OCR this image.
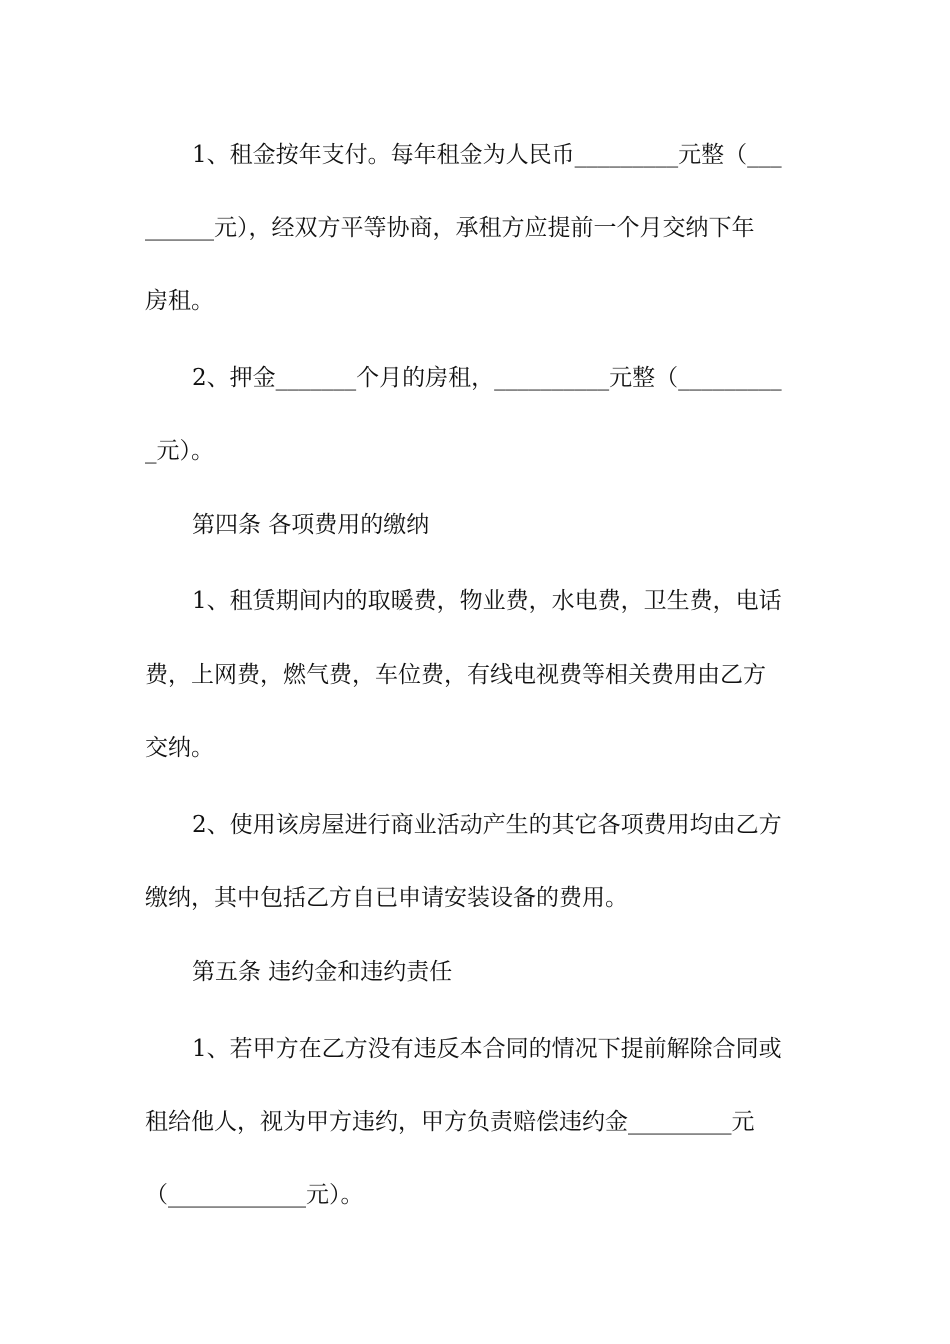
1、租金按年支付。每年租金为人民币_________元整（___
______元），经双方平等协商，承租方应提前一个月交纳下年
房租。
2、押金_______个月的房租，__________元整（_________
_元）。
第四条 各项费用的缴纳
1、租赁期间内的取暖费，物业费，水电费，卫生费，电话
费，上网费，燃气费，车位费，有线电视费等相关费用由乙方
交纳。
2、使用该房屋进行商业活动产生的其它各项费用均由乙方
缴纳，其中包括乙方自已申请安装设备的费用。
第五条 违约金和违约责任
1、若甲方在乙方没有违反本合同的情况下提前解除合同或
租给他人，视为甲方违约，甲方负责赔偿违约金_________元
（____________元）。
